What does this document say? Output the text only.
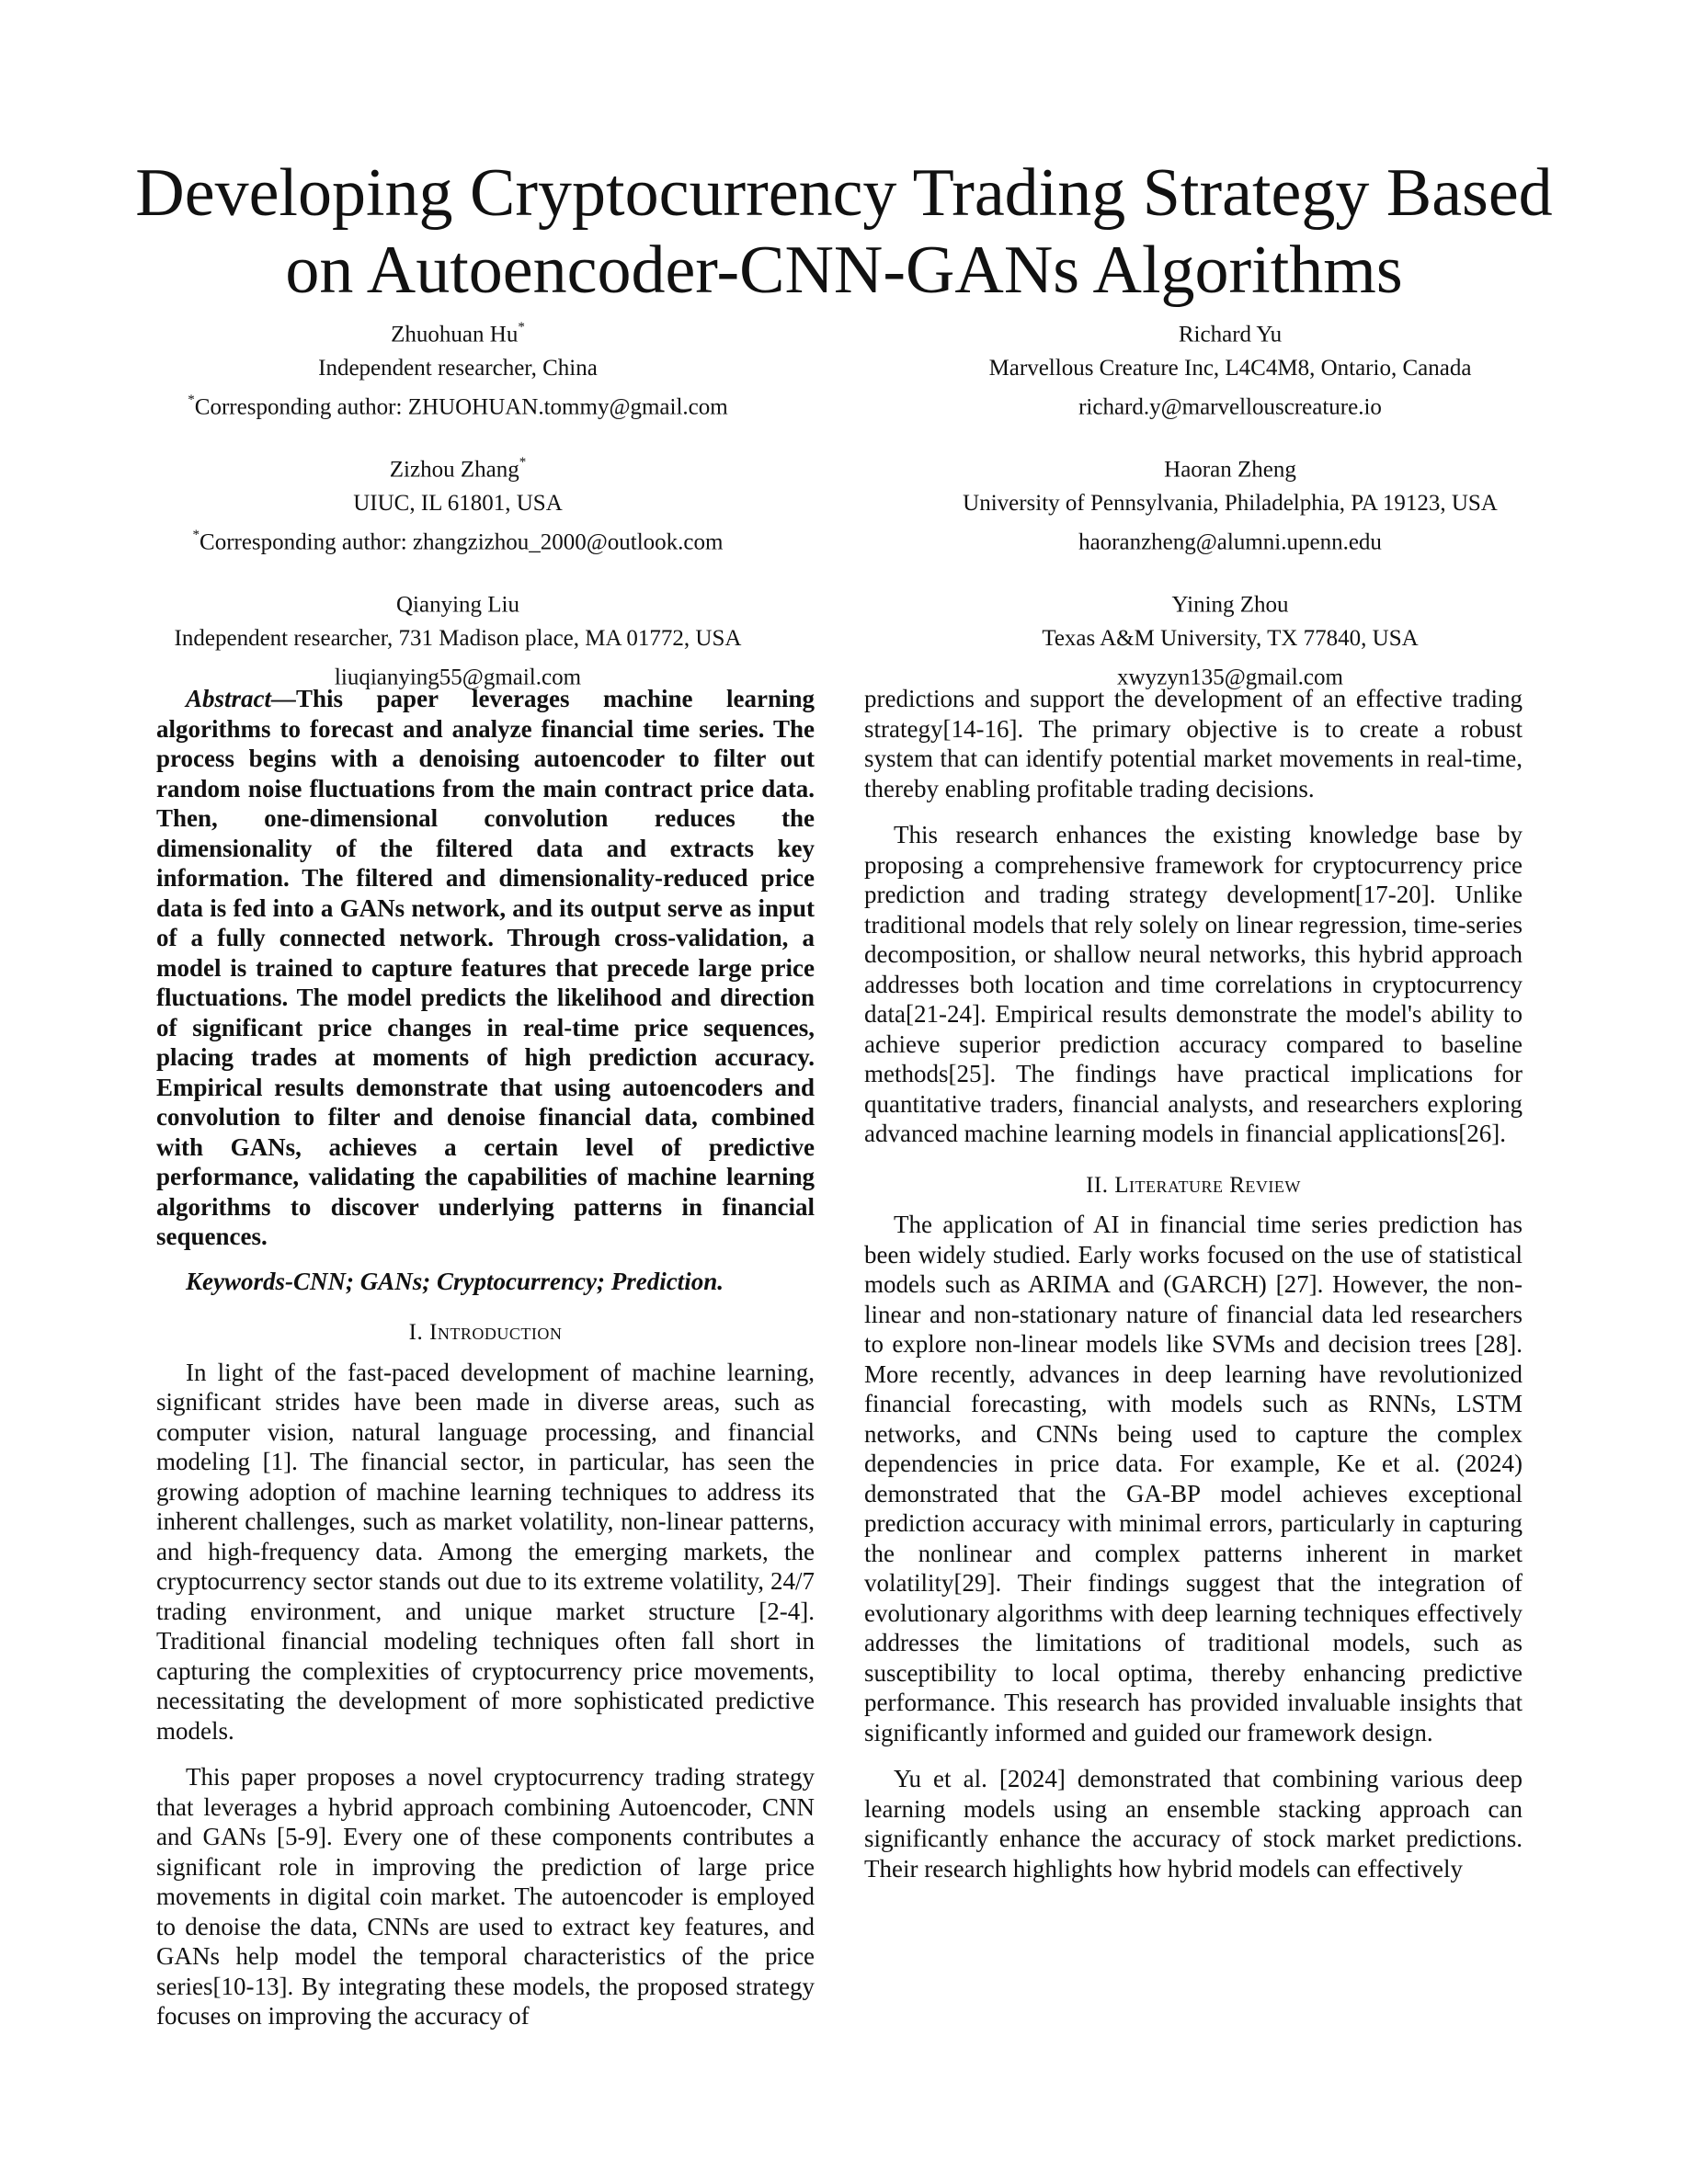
Developing Cryptocurrency Trading Strategy Based on Autoencoder-CNN-GANs Algorithms
Zhuohuan Hu*
Independent researcher, China
*Corresponding author: ZHUOHUAN.tommy@gmail.com
Richard Yu
Marvellous Creature Inc, L4C4M8, Ontario, Canada
richard.y@marvellouscreature.io
Zizhou Zhang*
UIUC, IL 61801, USA
*Corresponding author: zhangzizhou_2000@outlook.com
Haoran Zheng
University of Pennsylvania, Philadelphia, PA 19123, USA
haoranzheng@alumni.upenn.edu
Qianying Liu
Independent researcher, 731 Madison place, MA 01772, USA
liuqianying55@gmail.com
Yining Zhou
Texas A&M University, TX 77840, USA
xwyzyn135@gmail.com

Abstract—This paper leverages machine learning algorithms to forecast and analyze financial time series. The process begins with a denoising autoencoder to filter out random noise fluctuations from the main contract price data. Then, one-dimensional convolution reduces the dimensionality of the filtered data and extracts key information. The filtered and dimensionality-reduced price data is fed into a GANs network, and its output serve as input of a fully connected network. Through cross-validation, a model is trained to capture features that precede large price fluctuations. The model predicts the likelihood and direction of significant price changes in real-time price sequences, placing trades at moments of high prediction accuracy. Empirical results demonstrate that using autoencoders and convolution to filter and denoise financial data, combined with GANs, achieves a certain level of predictive performance, validating the capabilities of machine learning algorithms to discover underlying patterns in financial sequences.

Keywords-CNN; GANs; Cryptocurrency; Prediction.

I. Introduction

In light of the fast-paced development of machine learning, significant strides have been made in diverse areas, such as computer vision, natural language processing, and financial modeling [1]. The financial sector, in particular, has seen the growing adoption of machine learning techniques to address its inherent challenges, such as market volatility, non-linear patterns, and high-frequency data. Among the emerging markets, the cryptocurrency sector stands out due to its extreme volatility, 24/7 trading environment, and unique market structure [2-4]. Traditional financial modeling techniques often fall short in capturing the complexities of cryptocurrency price movements, necessitating the development of more sophisticated predictive models.

This paper proposes a novel cryptocurrency trading strategy that leverages a hybrid approach combining Autoencoder, CNN and GANs [5-9]. Every one of these components contributes a significant role in improving the prediction of large price movements in digital coin market. The autoencoder is employed to denoise the data, CNNs are used to extract key features, and GANs help model the temporal characteristics of the price series[10-13]. By integrating these models, the proposed strategy focuses on improving the accuracy of

predictions and support the development of an effective trading strategy[14-16]. The primary objective is to create a robust system that can identify potential market movements in real-time, thereby enabling profitable trading decisions.

This research enhances the existing knowledge base by proposing a comprehensive framework for cryptocurrency price prediction and trading strategy development[17-20]. Unlike traditional models that rely solely on linear regression, time-series decomposition, or shallow neural networks, this hybrid approach addresses both location and time correlations in cryptocurrency data[21-24]. Empirical results demonstrate the model's ability to achieve superior prediction accuracy compared to baseline methods[25]. The findings have practical implications for quantitative traders, financial analysts, and researchers exploring advanced machine learning models in financial applications[26].

II. Literature Review

The application of AI in financial time series prediction has been widely studied. Early works focused on the use of statistical models such as ARIMA and (GARCH) [27]. However, the non-linear and non-stationary nature of financial data led researchers to explore non-linear models like SVMs and decision trees [28]. More recently, advances in deep learning have revolutionized financial forecasting, with models such as RNNs, LSTM networks, and CNNs being used to capture the complex dependencies in price data. For example, Ke et al. (2024) demonstrated that the GA-BP model achieves exceptional prediction accuracy with minimal errors, particularly in capturing the nonlinear and complex patterns inherent in market volatility[29]. Their findings suggest that the integration of evolutionary algorithms with deep learning techniques effectively addresses the limitations of traditional models, such as susceptibility to local optima, thereby enhancing predictive performance. This research has provided invaluable insights that significantly informed and guided our framework design.

Yu et al. [2024] demonstrated that combining various deep learning models using an ensemble stacking approach can significantly enhance the accuracy of stock market predictions. Their research highlights how hybrid models can effectively
